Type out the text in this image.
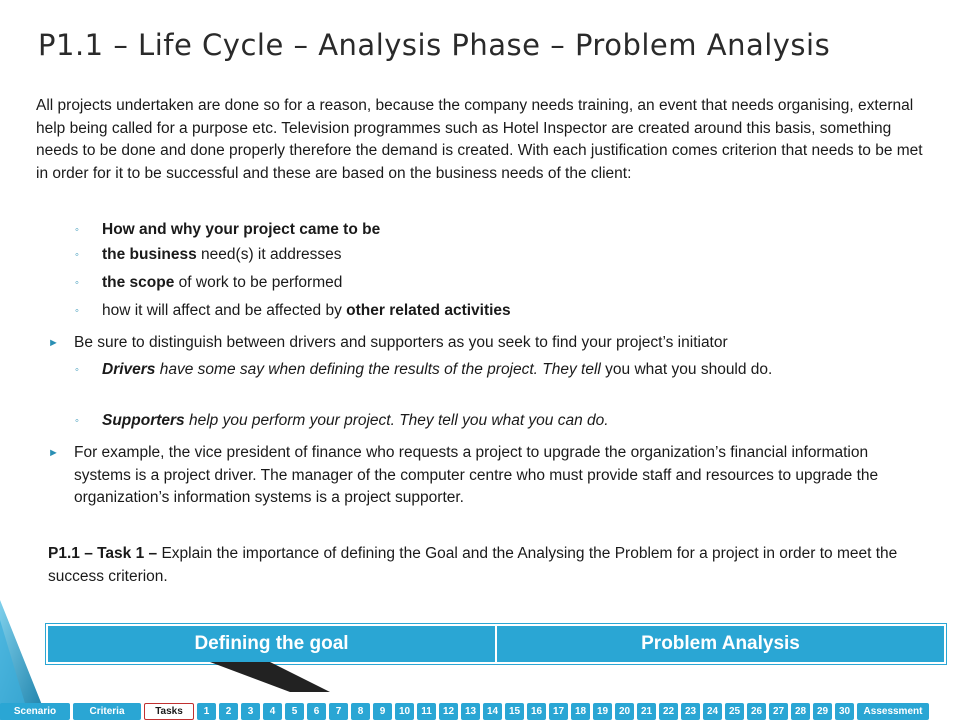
P1.1 – Life Cycle – Analysis Phase – Problem Analysis
All projects undertaken are done so for a reason, because the company needs training, an event that needs organising, external help being called for a purpose etc. Television programmes such as Hotel Inspector are created around this basis, something needs to be done and done properly therefore the demand is created. With each justification comes criterion that needs to be met in order for it to be successful and these are based on the business needs of the client:
◦ How and why your project came to be
◦ the business need(s) it addresses
◦ the scope of work to be performed
◦ how it will affect and be affected by other related activities
► Be sure to distinguish between drivers and supporters as you seek to find your project’s initiator
◦ Drivers have some say when defining the results of the project. They tell you what you should do.
◦ Supporters help you perform your project. They tell you what you can do.
► For example, the vice president of finance who requests a project to upgrade the organization’s financial information systems is a project driver. The manager of the computer centre who must provide staff and resources to upgrade the organization’s information systems is a project supporter.
P1.1 – Task 1 – Explain the importance of defining the Goal and the Analysing the Problem for a project in order to meet the success criterion.
Defining the goal	Problem Analysis
Scenario	Criteria	Tasks	1	2	3	4	5	6	7	8	9	10	11	12	13	14	15	16	17	18	19	20	21	22	23	24	25	26	27	28	29	30	Assessment
